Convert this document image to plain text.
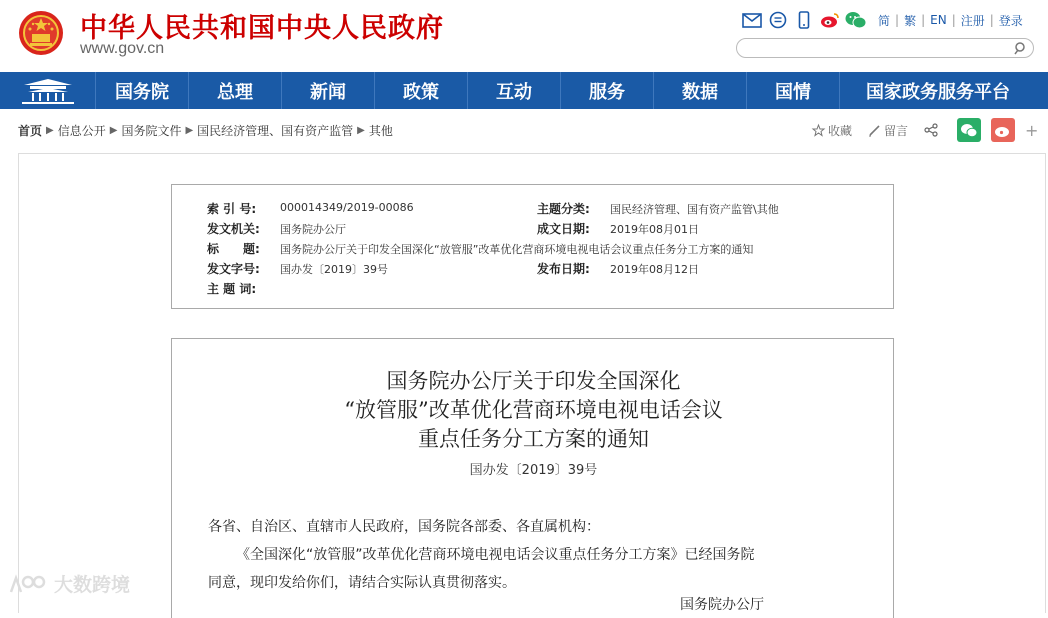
中华人民共和国中央人民政府
www.gov.cn
简 | 繁 | EN | 注册 | 登录
国务院	总理	新闻	政策	互动	服务	数据	国情	国家政务服务平台
首页 ▶ 信息公开 ▶ 国务院文件 ▶ 国民经济管理、国有资产监管 ▶ 其他	收藏	留言	+
索 引 号: 000014349/2019-00086	主题分类: 国民经济管理、国有资产监管\其他
发文机关: 国务院办公厅	成文日期: 2019年08月01日
标　　题: 国务院办公厅关于印发全国深化“放管服”改革优化营商环境电视电话会议重点任务分工方案的通知
发文字号: 国办发〔2019〕39号	发布日期: 2019年08月12日
主 题 词:
国务院办公厅关于印发全国深化
“放管服”改革优化营商环境电视电话会议
重点任务分工方案的通知
国办发〔2019〕39号

各省、自治区、直辖市人民政府，国务院各部委、各直属机构：

《全国深化“放管服”改革优化营商环境电视电话会议重点任务分工方案》已经国务院

同意，现印发给你们，请结合实际认真贯彻落实。

国务院办公厅
大数跨境
